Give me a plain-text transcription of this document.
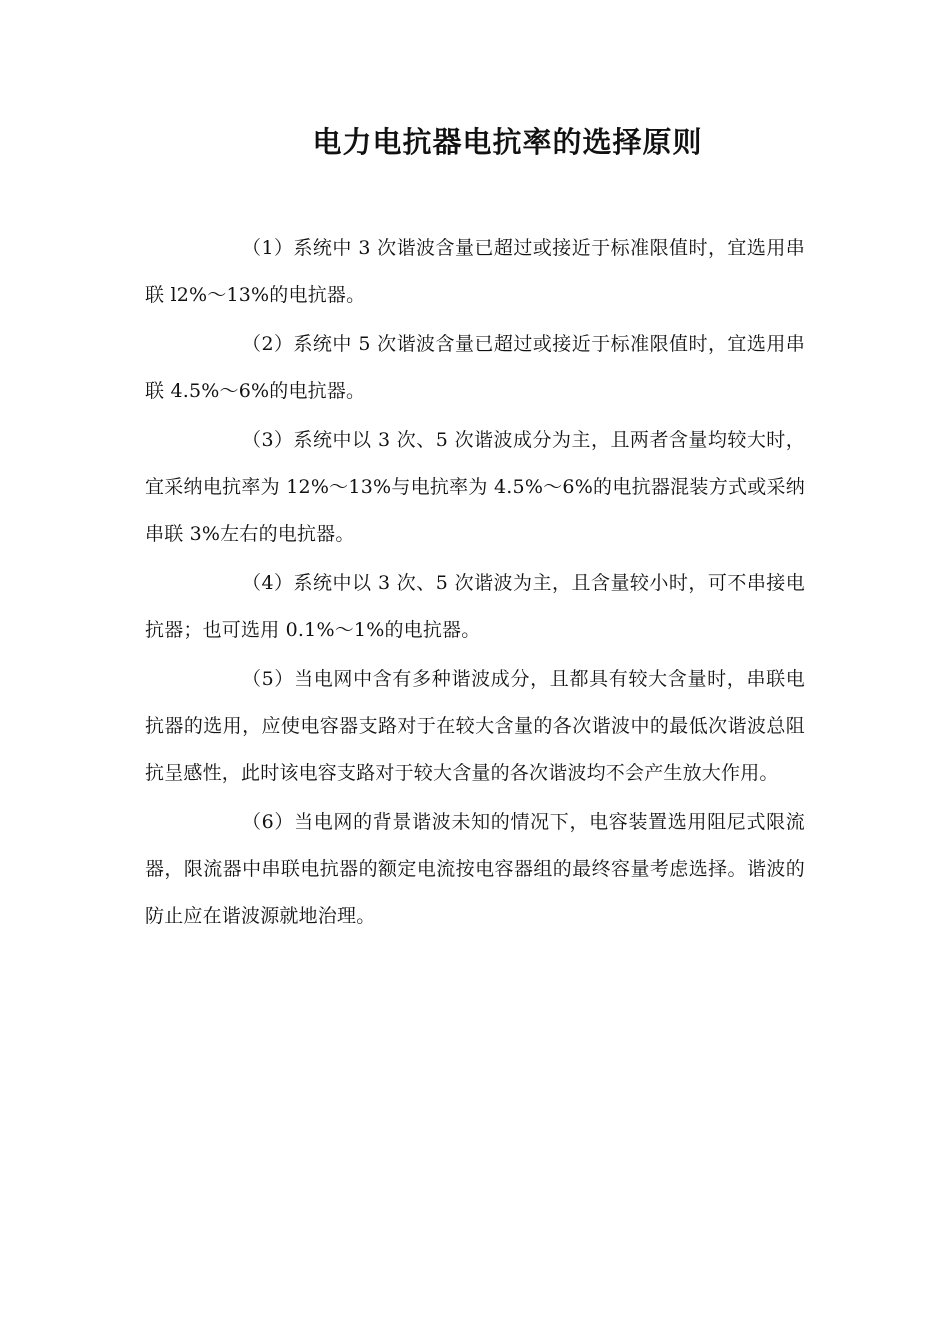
电力电抗器电抗率的选择原则

（1）系统中 3 次谐波含量已超过或接近于标准限值时，宜选用串联 l2%～13%的电抗器。

（2）系统中 5 次谐波含量已超过或接近于标准限值时，宜选用串联 4.5%～6%的电抗器。

（3）系统中以 3 次、5 次谐波成分为主，且两者含量均较大时，宜采纳电抗率为 12%～13%与电抗率为 4.5%～6%的电抗器混装方式或采纳串联 3%左右的电抗器。

（4）系统中以 3 次、5 次谐波为主，且含量较小时，可不串接电抗器；也可选用 0.1%～1%的电抗器。

（5）当电网中含有多种谐波成分，且都具有较大含量时，串联电抗器的选用，应使电容器支路对于在较大含量的各次谐波中的最低次谐波总阻抗呈感性，此时该电容支路对于较大含量的各次谐波均不会产生放大作用。

（6）当电网的背景谐波未知的情况下，电容装置选用阻尼式限流器，限流器中串联电抗器的额定电流按电容器组的最终容量考虑选择。谐波的防止应在谐波源就地治理。
